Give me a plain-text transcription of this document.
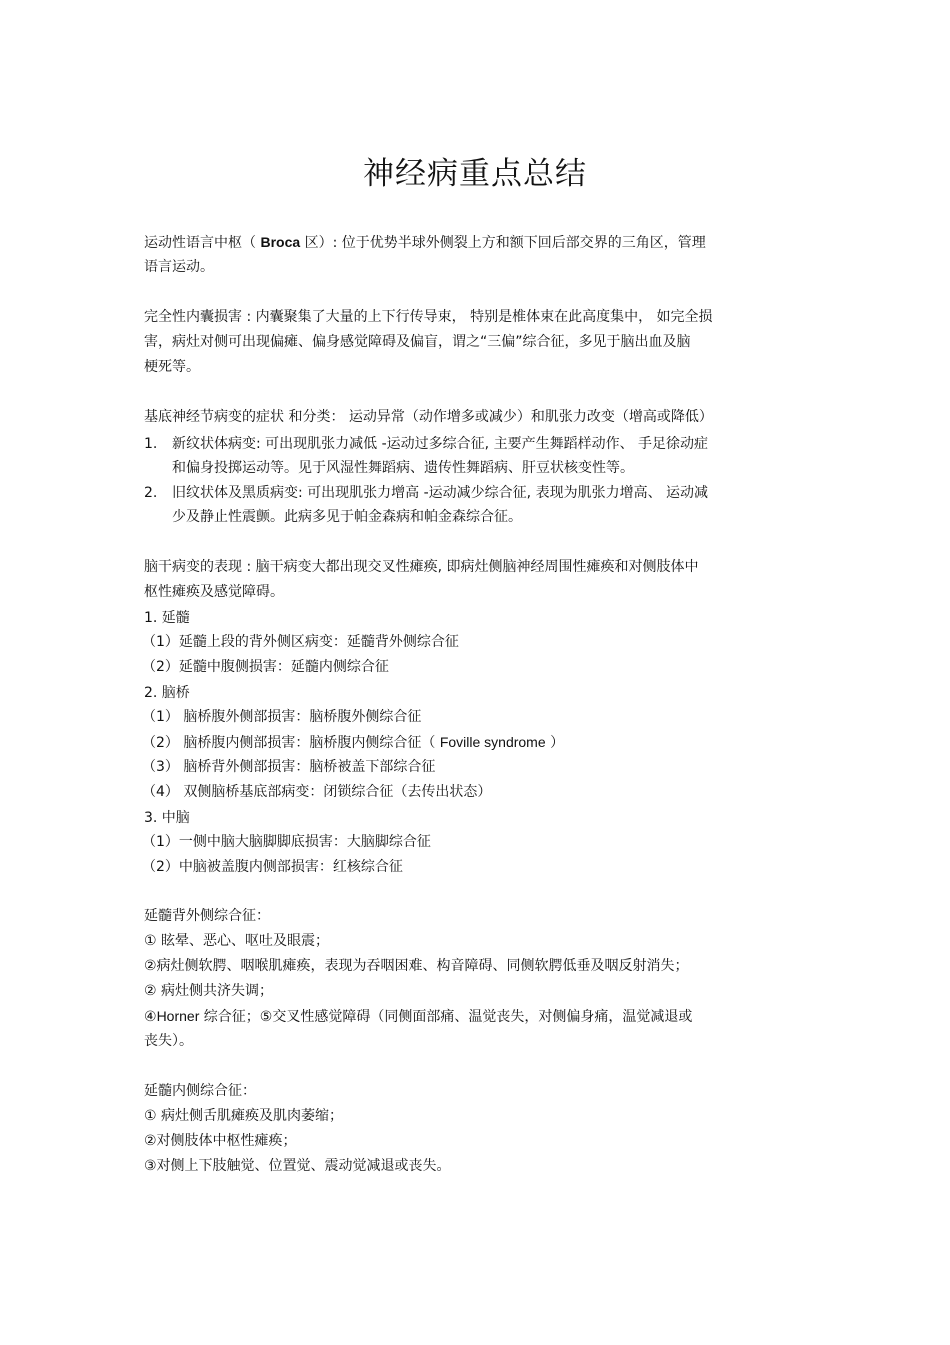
神经病重点总结
运动性语言中枢（ Broca 区）: 位于优势半球外侧裂上方和额下回后部交界的三角区，管理
语言运动。
完全性内囊损害 : 内囊聚集了大量的上下行传导束， 特别是椎体束在此高度集中， 如完全损
害，病灶对侧可出现偏瘫、偏身感觉障碍及偏盲，谓之“三偏”综合征，多见于脑出血及脑
梗死等。
基底神经节病变的症状 和分类： 运动异常（动作增多或减少）和肌张力改变（增高或降低）
1. 新纹状体病变: 可出现肌张力减低 -运动过多综合征, 主要产生舞蹈样动作、 手足徐动症
和偏身投掷运动等。见于风湿性舞蹈病、遗传性舞蹈病、肝豆状核变性等。
2. 旧纹状体及黑质病变: 可出现肌张力增高 -运动减少综合征, 表现为肌张力增高、 运动减
少及静止性震颤。此病多见于帕金森病和帕金森综合征。
脑干病变的表现 : 脑干病变大都出现交叉性瘫痪, 即病灶侧脑神经周围性瘫痪和对侧肢体中
枢性瘫痪及感觉障碍。
1. 延髓
（1）延髓上段的背外侧区病变：延髓背外侧综合征
（2）延髓中腹侧损害：延髓内侧综合征
2. 脑桥
（1） 脑桥腹外侧部损害：脑桥腹外侧综合征
（2） 脑桥腹内侧部损害：脑桥腹内侧综合征（ Foville syndrome ）
（3） 脑桥背外侧部损害：脑桥被盖下部综合征
（4） 双侧脑桥基底部病变：闭锁综合征（去传出状态）
3. 中脑
（1）一侧中脑大脑脚脚底损害：大脑脚综合征
（2）中脑被盖腹内侧部损害：红核综合征
延髓背外侧综合征：
① 眩晕、恶心、呕吐及眼震；
②病灶侧软腭、咽喉肌瘫痪，表现为吞咽困难、构音障碍、同侧软腭低垂及咽反射消失；
② 病灶侧共济失调；
④Horner 综合征；⑤交叉性感觉障碍（同侧面部痛、温觉丧失，对侧偏身痛，温觉减退或
丧失）。
延髓内侧综合征：
① 病灶侧舌肌瘫痪及肌肉萎缩；
②对侧肢体中枢性瘫痪；
③对侧上下肢触觉、位置觉、震动觉减退或丧失。
